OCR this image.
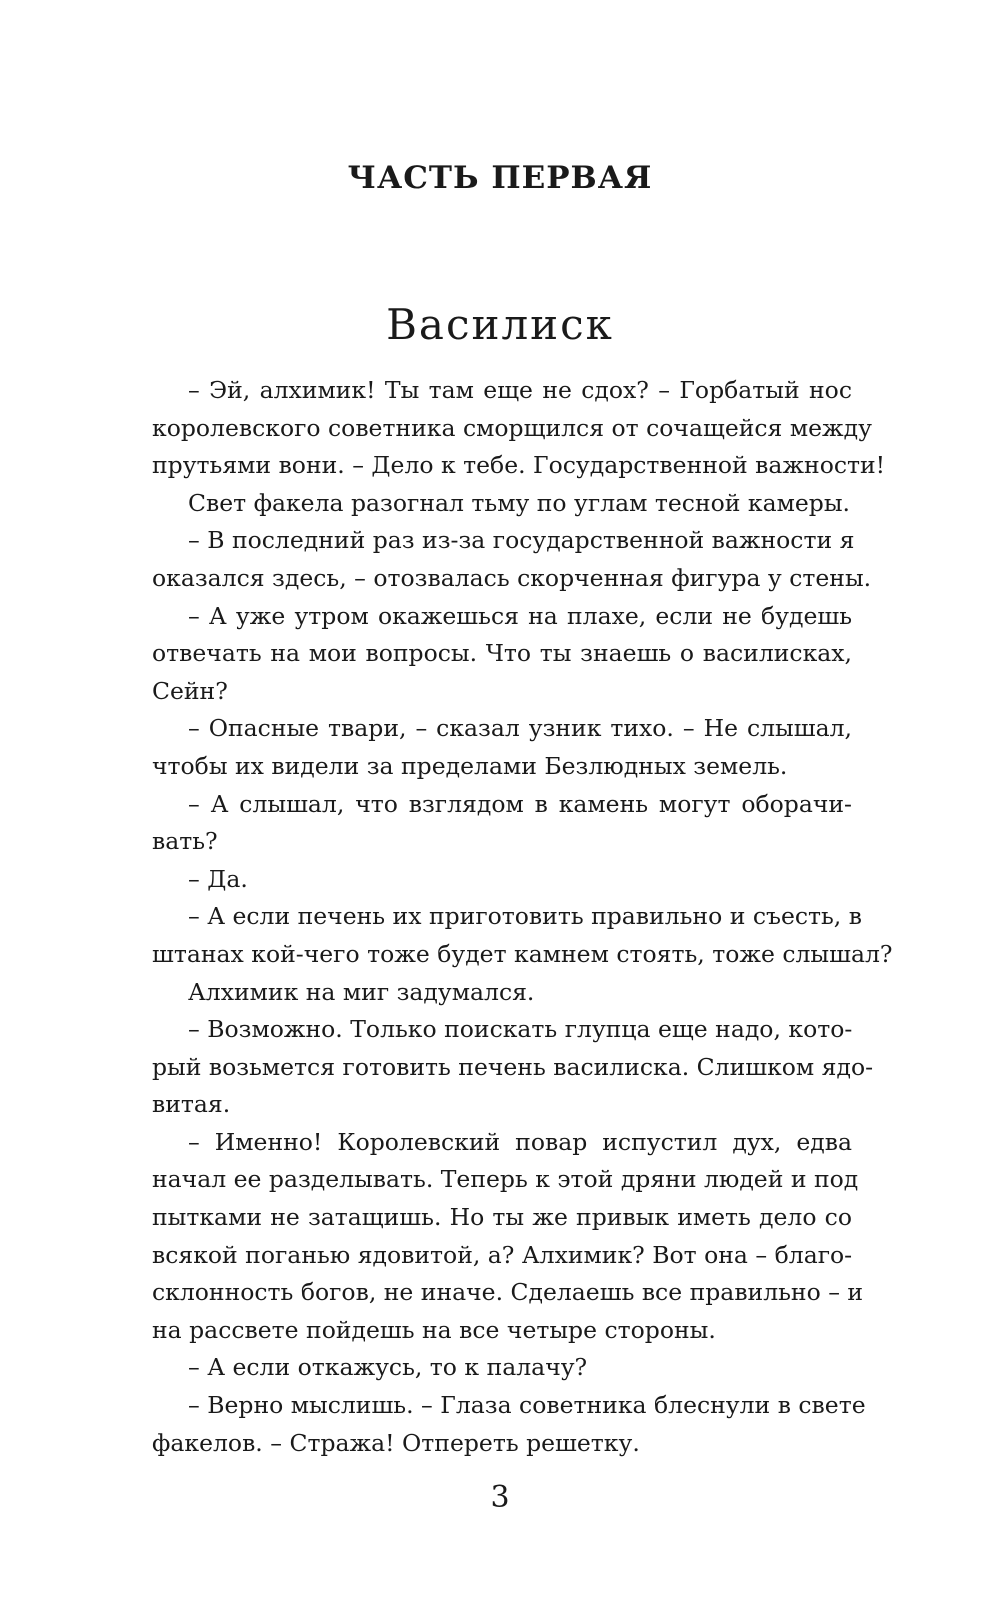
ЧАСТЬ ПЕРВАЯ
Василиск
– Эй, алхимик! Ты там еще не сдох? – Горбатый нос
королевского советника сморщился от сочащейся между
прутьями вони. – Дело к тебе. Государственной важности!
Свет факела разогнал тьму по углам тесной камеры.
– В последний раз из-за государственной важности я
оказался здесь, – отозвалась скорченная фигура у стены.
– А уже утром окажешься на плахе, если не будешь
отвечать на мои вопросы. Что ты знаешь о василисках,
Сейн?
– Опасные твари, – сказал узник тихо. – Не слышал,
чтобы их видели за пределами Безлюдных земель.
– А слышал, что взглядом в камень могут оборачи-
вать?
– Да.
– А если печень их приготовить правильно и съесть, в
штанах кой-чего тоже будет камнем стоять, тоже слышал?
Алхимик на миг задумался.
– Возможно. Только поискать глупца еще надо, кото-
рый возьмется готовить печень василиска. Слишком ядо-
витая.
– Именно! Королевский повар испустил дух, едва
начал ее разделывать. Теперь к этой дряни людей и под
пытками не затащишь. Но ты же привык иметь дело со
всякой поганью ядовитой, а? Алхимик? Вот она – благо-
склонность богов, не иначе. Сделаешь все правильно – и
на рассвете пойдешь на все четыре стороны.
– А если откажусь, то к палачу?
– Верно мыслишь. – Глаза советника блеснули в свете
факелов. – Стража! Отпереть решетку.
3
